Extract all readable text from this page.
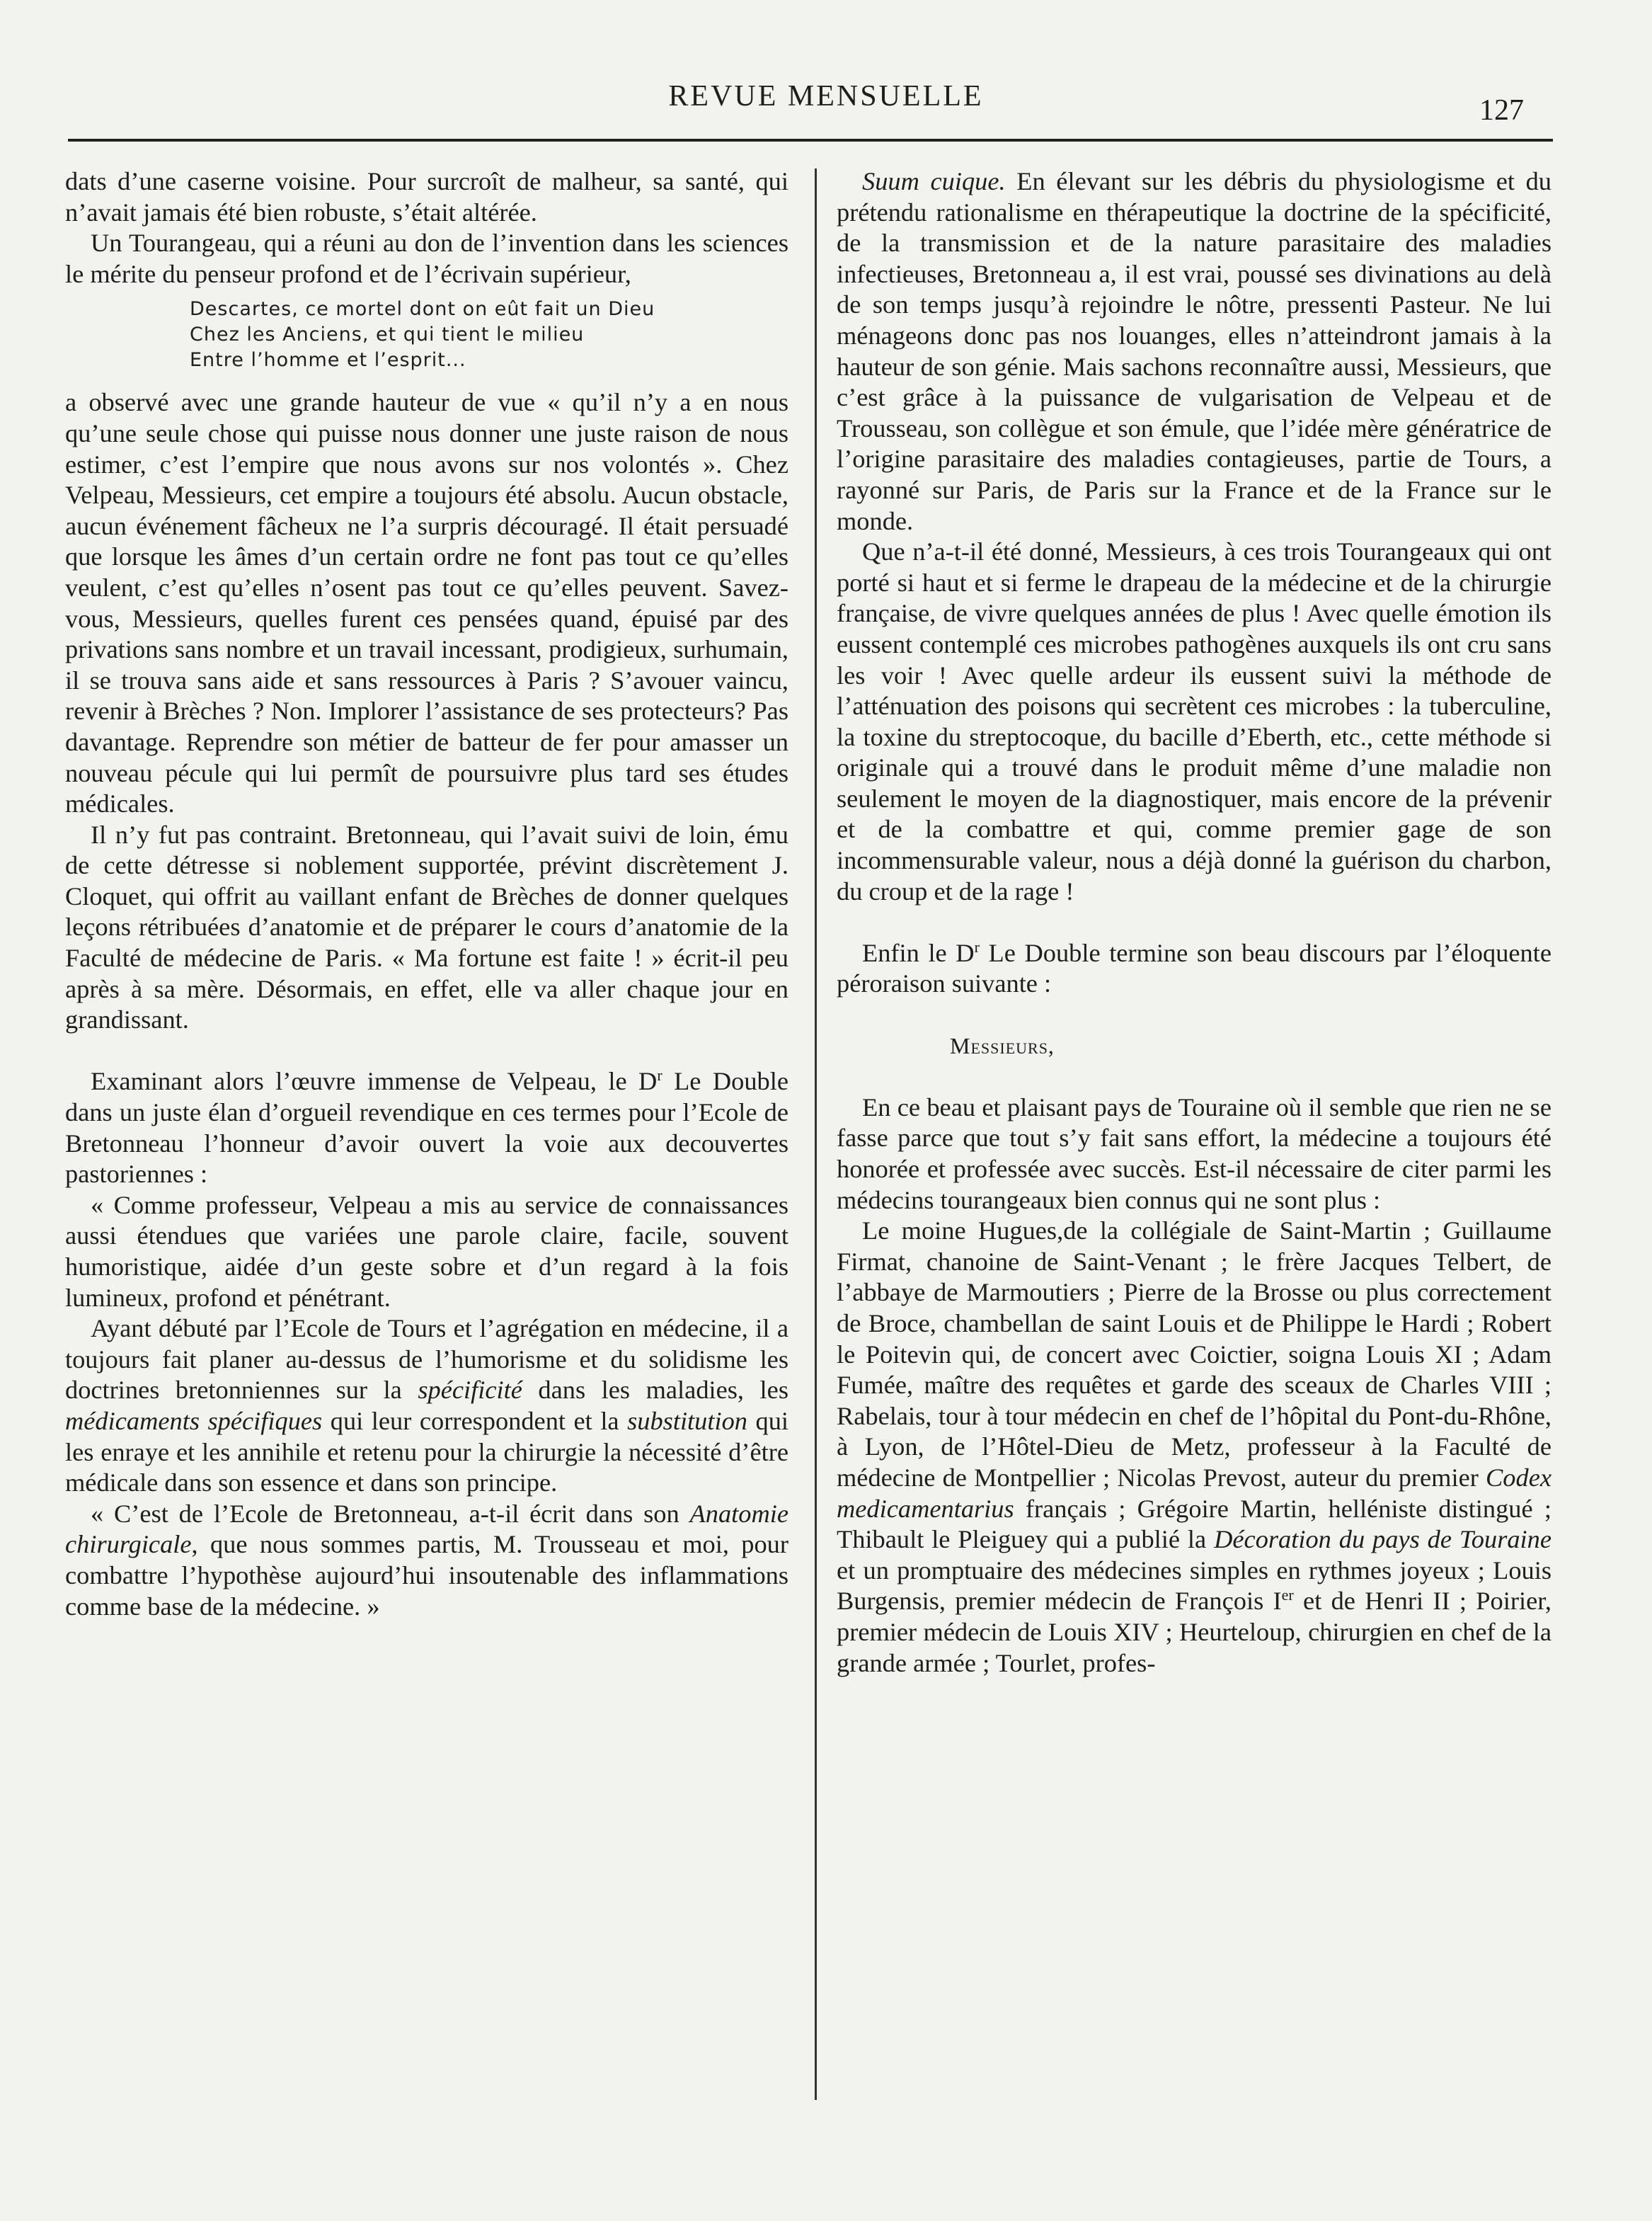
REVUE MENSUELLE	127

dats d’une caserne voisine. Pour surcroît de malheur, sa santé, qui n’avait jamais été bien robuste, s’était altérée.

Un Tourangeau, qui a réuni au don de l’invention dans les sciences le mérite du penseur profond et de l’écrivain supérieur,

Descartes, ce mortel dont on eût fait un Dieu

Chez les Anciens, et qui tient le milieu

Entre l’homme et l’esprit...

a observé avec une grande hauteur de vue « qu’il n’y a en nous qu’une seule chose qui puisse nous donner une juste raison de nous estimer, c’est l’empire que nous avons sur nos volontés ». Chez Velpeau, Messieurs, cet empire a toujours été absolu. Aucun obstacle, aucun événement fâcheux ne l’a surpris découragé. Il était persuadé que lorsque les âmes d’un certain ordre ne font pas tout ce qu’elles veulent, c’est qu’elles n’osent pas tout ce qu’elles peuvent. Savez-vous, Messieurs, quelles furent ces pensées quand, épuisé par des privations sans nombre et un travail incessant, prodigieux, surhumain, il se trouva sans aide et sans ressources à Paris ? S’avouer vaincu, revenir à Brèches ? Non. Implorer l’assistance de ses protecteurs? Pas davantage. Reprendre son métier de batteur de fer pour amasser un nouveau pécule qui lui permît de poursuivre plus tard ses études médicales.

Il n’y fut pas contraint. Bretonneau, qui l’avait suivi de loin, ému de cette détresse si noblement supportée, prévint discrètement J. Cloquet, qui offrit au vaillant enfant de Brèches de donner quelques leçons rétribuées d’anatomie et de préparer le cours d’anatomie de la Faculté de médecine de Paris. « Ma fortune est faite ! » écrit-il peu après à sa mère. Désormais, en effet, elle va aller chaque jour en grandissant.

Examinant alors l’œuvre immense de Velpeau, le $D^r$ Le Double dans un juste élan d’orgueil revendique en ces termes pour l’Ecole de Bretonneau l’honneur d’avoir ouvert la voie aux decouvertes pastoriennes :

« Comme professeur, Velpeau a mis au service de connaissances aussi étendues que variées une parole claire, facile, souvent humoristique, aidée d’un geste sobre et d’un regard à la fois lumineux, profond et pénétrant.

Ayant débuté par l’Ecole de Tours et l’agrégation en médecine, il a toujours fait planer au-dessus de l’humorisme et du solidisme les doctrines bretonniennes sur la spécificité dans les maladies, les médicaments spécifiques qui leur correspondent et la substitution qui les enraye et les annihile et retenu pour la chirurgie la nécessité d’être médicale dans son essence et dans son principe.

« C’est de l’Ecole de Bretonneau, a-t-il écrit dans son Anatomie chirurgicale, que nous sommes partis, M. Trousseau et moi, pour combattre l’hypothèse aujourd’hui insoutenable des inflammations comme base de la médecine. »

Suum cuique. En élevant sur les débris du physiologisme et du prétendu rationalisme en thérapeutique la doctrine de la spécificité, de la transmission et de la nature parasitaire des maladies infectieuses, Bretonneau a, il est vrai, poussé ses divinations au delà de son temps jusqu’à rejoindre le nôtre, pressenti Pasteur. Ne lui ménageons donc pas nos louanges, elles n’atteindront jamais à la hauteur de son génie. Mais sachons reconnaître aussi, Messieurs, que c’est grâce à la puissance de vulgarisation de Velpeau et de Trousseau, son collègue et son émule, que l’idée mère génératrice de l’origine parasitaire des maladies contagieuses, partie de Tours, a rayonné sur Paris, de Paris sur la France et de la France sur le monde.

Que n’a-t-il été donné, Messieurs, à ces trois Tourangeaux qui ont porté si haut et si ferme le drapeau de la médecine et de la chirurgie française, de vivre quelques années de plus ! Avec quelle émotion ils eussent contemplé ces microbes pathogènes auxquels ils ont cru sans les voir ! Avec quelle ardeur ils eussent suivi la méthode de l’atténuation des poisons qui secrètent ces microbes : la tuberculine, la toxine du streptocoque, du bacille d’Eberth, etc., cette méthode si originale qui a trouvé dans le produit même d’une maladie non seulement le moyen de la diagnostiquer, mais encore de la prévenir et de la combattre et qui, comme premier gage de son incommensurable valeur, nous a déjà donné la guérison du charbon, du croup et de la rage !

Enfin le $D^r$ Le Double termine son beau discours par l’éloquente péroraison suivante :

Messieurs,

En ce beau et plaisant pays de Touraine où il semble que rien ne se fasse parce que tout s’y fait sans effort, la médecine a toujours été honorée et professée avec succès. Est-il nécessaire de citer parmi les médecins tourangeaux bien connus qui ne sont plus :

Le moine Hugues,de la collégiale de Saint-Martin ; Guillaume Firmat, chanoine de Saint-Venant ; le frère Jacques Telbert, de l’abbaye de Marmoutiers ; Pierre de la Brosse ou plus correctement de Broce, chambellan de saint Louis et de Philippe le Hardi ; Robert le Poitevin qui, de concert avec Coictier, soigna Louis XI ; Adam Fumée, maître des requêtes et garde des sceaux de Charles VIII ; Rabelais, tour à tour médecin en chef de l’hôpital du Pont-du-Rhône, à Lyon, de l’Hôtel-Dieu de Metz, professeur à la Faculté de médecine de Montpellier ; Nicolas Prevost, auteur du premier Codex medicamentarius français ; Grégoire Martin, helléniste distingué ; Thibault le Pleiguey qui a publié la Décoration du pays de Touraine et un promptuaire des médecines simples en rythmes joyeux ; Louis Burgensis, premier médecin de François Ier et de Henri II ; Poirier, premier médecin de Louis XIV ; Heurteloup, chirurgien en chef de la grande armée ; Tourlet, profes-
